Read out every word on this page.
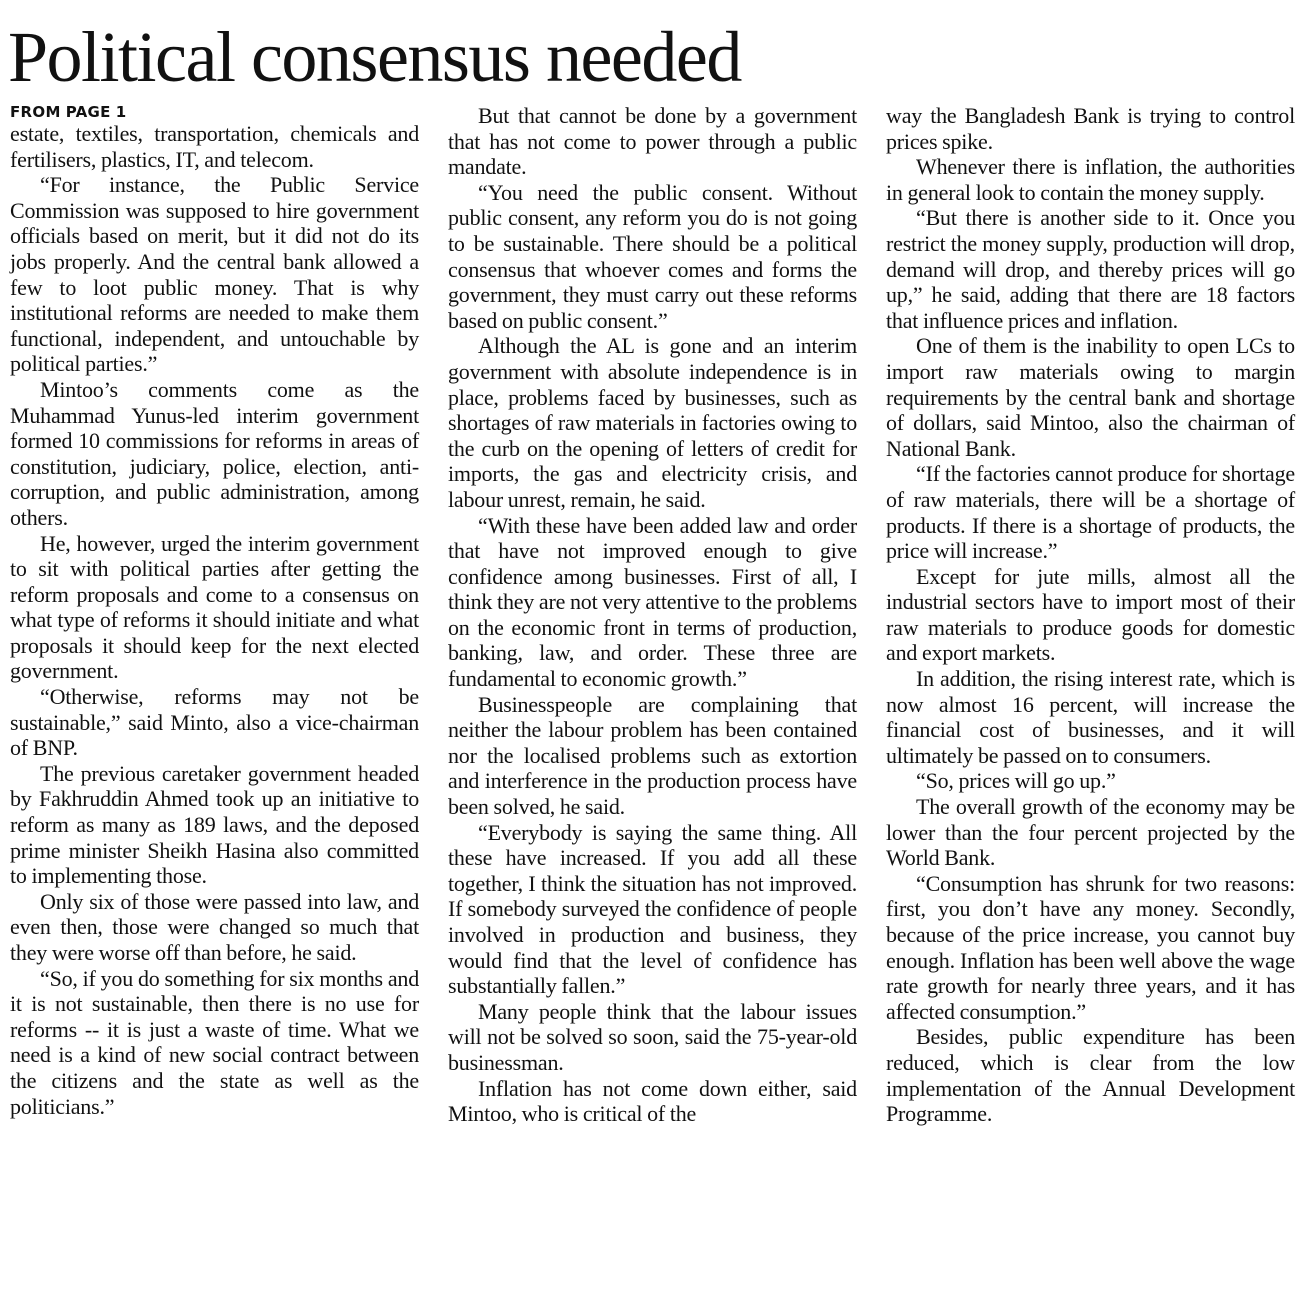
Political consensus needed
FROM PAGE 1

estate, textiles, transportation, chemicals and fertilisers, plastics, IT, and telecom.

“For instance, the Public Service Commission was supposed to hire government officials based on merit, but it did not do its jobs properly. And the central bank allowed a few to loot public money. That is why institutional reforms are needed to make them functional, independent, and untouchable by political parties.”

Mintoo’s comments come as the Muhammad Yunus-led interim government formed 10 commissions for reforms in areas of constitution, judiciary, police, election, anti-corruption, and public administration, among others.

He, however, urged the interim government to sit with political parties after getting the reform proposals and come to a consensus on what type of reforms it should initiate and what proposals it should keep for the next elected government.

“Otherwise, reforms may not be sustainable,” said Minto, also a vice-chairman of BNP.

The previous caretaker government headed by Fakhruddin Ahmed took up an initiative to reform as many as 189 laws, and the deposed prime minister Sheikh Hasina also committed to implementing those.

Only six of those were passed into law, and even then, those were changed so much that they were worse off than before, he said.

“So, if you do something for six months and it is not sustainable, then there is no use for reforms -- it is just a waste of time. What we need is a kind of new social contract between the citizens and the state as well as the politicians.”

But that cannot be done by a government that has not come to power through a public mandate.

“You need the public consent. Without public consent, any reform you do is not going to be sustainable. There should be a political consensus that whoever comes and forms the government, they must carry out these reforms based on public consent.”

Although the AL is gone and an interim government with absolute independence is in place, problems faced by businesses, such as shortages of raw materials in factories owing to the curb on the opening of letters of credit for imports, the gas and electricity crisis, and labour unrest, remain, he said.

“With these have been added law and order that have not improved enough to give confidence among businesses. First of all, I think they are not very attentive to the problems on the economic front in terms of production, banking, law, and order. These three are fundamental to economic growth.”

Businesspeople are complaining that neither the labour problem has been contained nor the localised problems such as extortion and interference in the production process have been solved, he said.

“Everybody is saying the same thing. All these have increased. If you add all these together, I think the situation has not improved. If somebody surveyed the confidence of people involved in production and business, they would find that the level of confidence has substantially fallen.”

Many people think that the labour issues will not be solved so soon, said the 75-year-old businessman.

Inflation has not come down either, said Mintoo, who is critical of the

way the Bangladesh Bank is trying to control prices spike.

Whenever there is inflation, the authorities in general look to contain the money supply.

“But there is another side to it. Once you restrict the money supply, production will drop, demand will drop, and thereby prices will go up,” he said, adding that there are 18 factors that influence prices and inflation.

One of them is the inability to open LCs to import raw materials owing to margin requirements by the central bank and shortage of dollars, said Mintoo, also the chairman of National Bank.

“If the factories cannot produce for shortage of raw materials, there will be a shortage of products. If there is a shortage of products, the price will increase.”

Except for jute mills, almost all the industrial sectors have to import most of their raw materials to produce goods for domestic and export markets.

In addition, the rising interest rate, which is now almost 16 percent, will increase the financial cost of businesses, and it will ultimately be passed on to consumers.

“So, prices will go up.”

The overall growth of the economy may be lower than the four percent projected by the World Bank.

“Consumption has shrunk for two reasons: first, you don’t have any money. Secondly, because of the price increase, you cannot buy enough. Inflation has been well above the wage rate growth for nearly three years, and it has affected consumption.”

Besides, public expenditure has been reduced, which is clear from the low implementation of the Annual Development Programme.
